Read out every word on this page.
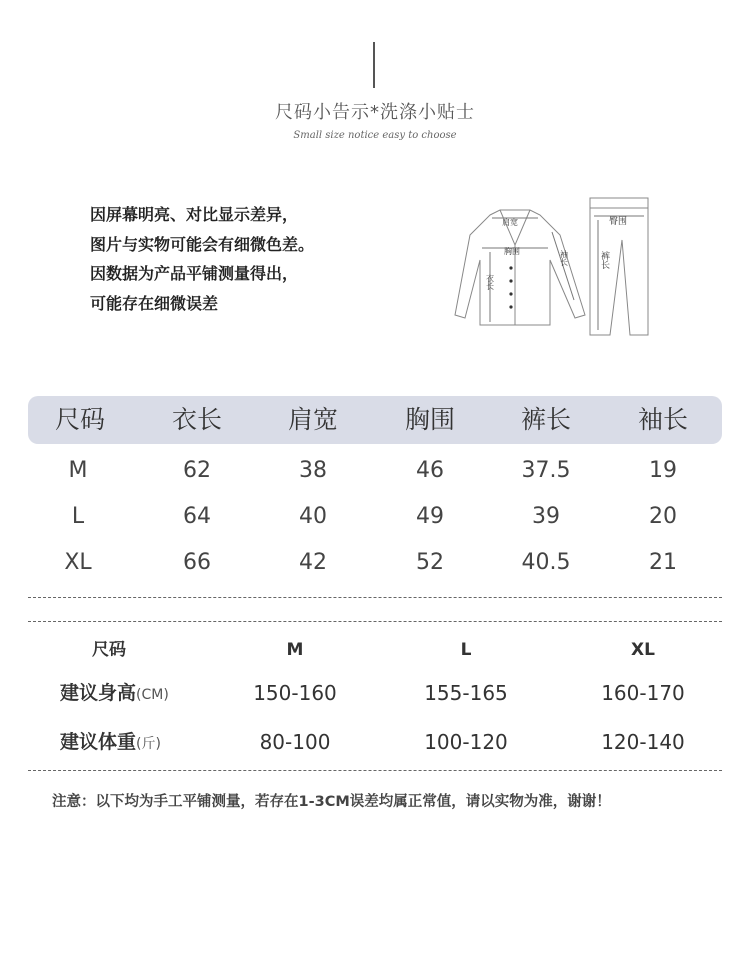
尺码小告示*洗涤小贴士
Small size notice easy to choose
因屏幕明亮、对比显示差异，
图片与实物可能会有细微色差。
因数据为产品平铺测量得出，
可能存在细微误差
肩宽
胸围
衣长
袖长
臀围
裤长
尺码	衣长	肩宽	胸围	裤长	袖长
M	62	38	46	37.5	19
L	64	40	49	39	20
XL	66	42	52	40.5	21
尺码	M	L	XL
建议身高(CM)	150-160	155-165	160-170
建议体重(斤)	80-100	100-120	120-140
注意：以下均为手工平铺测量，若存在1-3CM误差均属正常值，请以实物为准，谢谢！
